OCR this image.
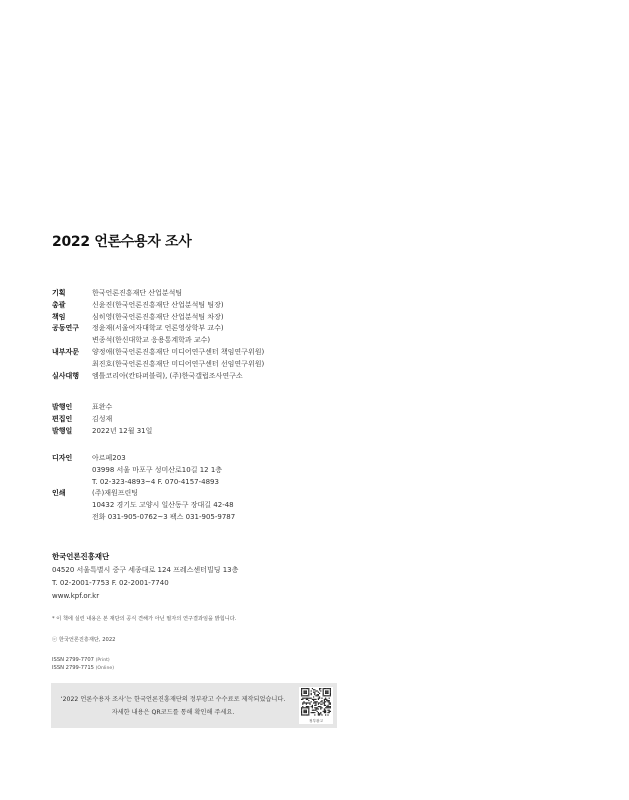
2022 언론수용자 조사
기획	한국언론진흥재단 산업분석팀
총괄	신윤진(한국언론진흥재단 산업분석팀 팀장)
책임	심히영(한국언론진흥재단 산업분석팀 차장)
공동연구 정윤재(서울여자대학교 언론영상학부 교수)
변종석(한신대학교 응용통계학과 교수)
내부자문 양정애(한국언론진흥재단 미디어연구센터 책임연구위원)
최진호(한국언론진흥재단 미디어연구센터 선임연구위원)
실사대행 엠틀코리아(칸타퍼블릭), (주)한국갤럽조사연구소
발행인	표완수
편집인	김성재
발행일	2022년 12월 31일
디자인	아르페203
03998 서울 마포구 성미산로10길 12 1층
T. 02-323-4893~4 F. 070-4157-4893
인쇄	(주)재원프린팅
10432 경기도 고양시 일산동구 장대길 42-48
전화 031-905-0762~3 팩스 031-905-9787
한국언론진흥재단
04520 서울특별시 중구 세종대로 124 프레스센터빌딩 13층
T. 02-2001-7753 F. 02-2001-7740
www.kpf.or.kr
* 이 책에 실린 내용은 본 재단의 공식 견해가 아닌 필자의 연구결과임을 밝힙니다.
ⓒ 한국언론진흥재단, 2022
ISSN 2799-7707 (Print)
ISSN 2799-7715 (Online)
‘2022 언론수용자 조사’는 한국언론진흥재단의 정부광고 수수료로 제작되었습니다.
자세한 내용은 QR코드를 통해 확인해 주세요.
정부광고
